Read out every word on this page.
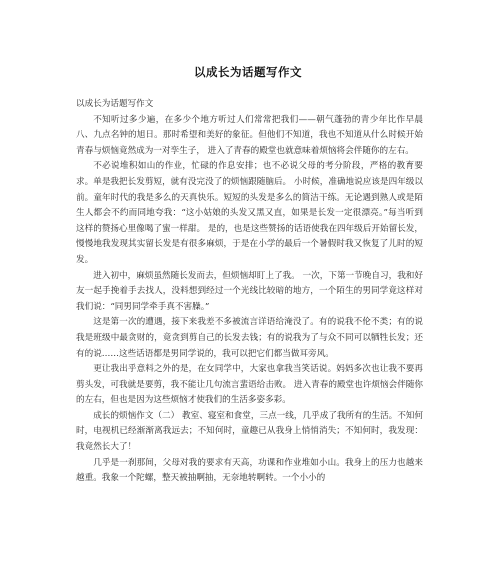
以成长为话题写作文

以成长为话题写作文

不知听过多少遍，在多少个地方听过人们常常把我们——朝气蓬勃的青少年比作早晨八、九点名钟的旭日。那时希望和美好的象征。但他们不知道，我也不知道从什么时候开始青春与烦恼竟然成为一对孪生子， 进入了青春的殿堂也就意味着烦恼将会伴随你的左右。

不必说堆积如山的作业，忙碌的作息安排；也不必说父母的考分阶段，严格的教育要求。单是我把长发剪短，就有没完没了的烦恼跟随脑后。 小时候，准确地说应该是四年级以前。童年时代的我是多么的天真快乐。短短的头发是多么的简洁干练。无论遇到熟人或是陌生人都会不约而同地夸我：“这小姑娘的头发又黑又直，如果是长发一定很漂亮。”每当听到这样的赞扬心里像喝了蜜一样甜。 是的，也是这些赞扬的话语使我在四年级后开始留长发，慢慢地我发现其实留长发是有很多麻烦，于是在小学的最后一个暑假时我又恢复了儿时的短发。

进入初中，麻烦虽然随长发而去，但烦恼却盯上了我。 一次，下第一节晚自习，我和好友一起手挽着手去找人，没料想到经过一个光线比较暗的地方，一个陌生的男同学竟这样对我们说：“同男同学牵手真不害臊。”

这是第一次的遭遇，接下来我差不多被流言详语给淹没了。有的说我不伦不类；有的说我是班级中最贪财的，竟贪到剪自己的长发去钱；有的说我为了与众不同可以牺牲长发；还有的说……这些话语都是男同学说的，我可以把它们都当做耳旁风。

更让我出乎意料之外的是，在女同学中，大家也拿我当笑话说。妈妈多次也让我不要再剪头发，可我就是要剪，我不能让几句流言蜚语给击败。 进入青春的殿堂也许烦恼会伴随你的左右，但也是因为这些烦恼才使我们的生活多姿多彩。

成长的烦恼作文（二） 教室、寝室和食堂，三点一线，几乎成了我所有的生活。不知何时，电视机已经渐渐离我远去；不知何时，童趣已从我身上悄悄消失；不知何时，我发现：我竟然长大了！

几乎是一刹那间，父母对我的要求有天高，功课和作业堆如小山。我身上的压力也越来越重。我象一个陀螺，整天被抽啊抽，无奈地转啊转。一个小小的
